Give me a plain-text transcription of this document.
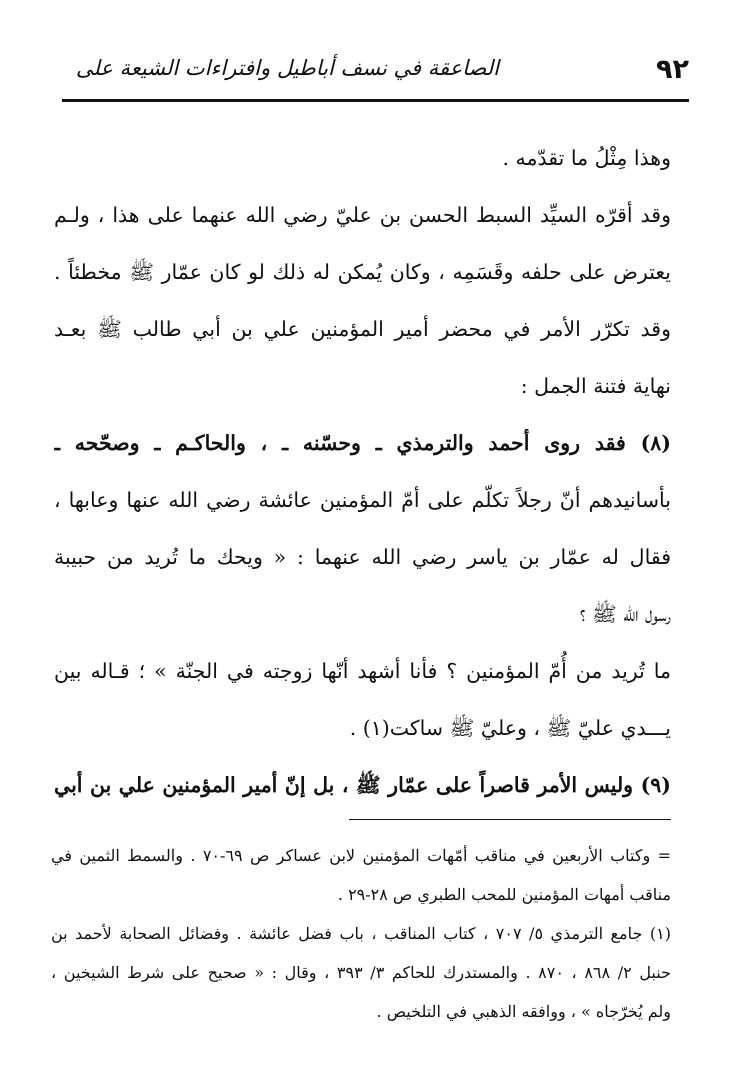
٩٢
الصاعقة في نسف أباطيل وافتراءات الشيعة على
وهذا مِثْلُ ما تقدّمه .
وقد أقرّه السيِّد السبط الحسن بن عليّ رضي الله عنهما على هذا ، ولـم
يعترض على حلفه وقَسَمِه ، وكان يُمكن له ذلك لو كان عمّار ﷺ مخطئاً .
وقد تكرّر الأمر في محضر أمير المؤمنين علي بن أبي طالب ﷺ بعـد
نهاية فتنة الجمل :
(٨) فقد روى أحمد والترمذي ـ وحسّنه ـ ، والحاكـم ـ وصحّحه ـ
بأسانيدهم أنّ رجلاً تكلّم على أمّ المؤمنين عائشة رضي الله عنها وعابها ،
فقال له عمّار بن ياسر رضي الله عنهما : « ويحك ما تُريد من حبيبة
رسول الله ﷺ ؟
ما تُريد من أُمّ المؤمنين ؟ فأنا أشهد أنّها زوجته في الجنّة » ؛ قـاله بين
يـــدي عليّ ﷺ ، وعليّ ﷺ ساكت(١) .
(٩) وليس الأمر قاصراً على عمّار ﷺ ، بل إنّ أمير المؤمنين علي بن أبي
= وكتاب الأربعين في مناقب أمّهات المؤمنين لابن عساكر ص ٦٩-٧٠ . والسمط الثمين في
مناقب أمهات المؤمنين للمحب الطبري ص ٢٨-٢٩ .
(١) جامع الترمذي ٥/ ٧٠٧ ، كتاب المناقب ، باب فضل عائشة . وفضائل الصحابة لأحمد بن
حنبل ٢/ ٨٦٨ ، ٨٧٠ . والمستدرك للحاكم ٣/ ٣٩٣ ، وقال : « صحيح على شرط الشيخين ،
ولم يُخرّجاه » ، ووافقه الذهبي في التلخيص .
